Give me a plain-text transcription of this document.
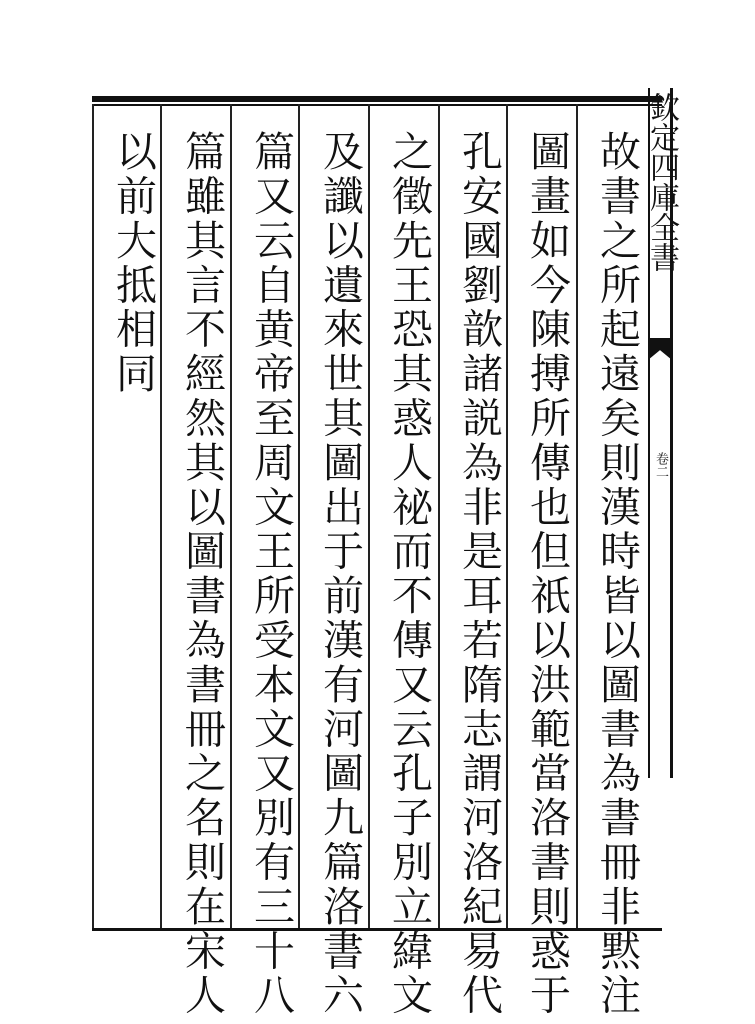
故書之所起遠矣則漢時皆以圖書為書冊非黙注
圖畫如今陳搏所傳也但祇以洪範當洛書則惑于
孔安國劉歆諸説為非是耳若隋志謂河洛紀易代
之徵先王恐其惑人祕而不傳又云孔子別立緯文
及讖以遺來世其圖出于前漢有河圖九篇洛書六
篇又云自黄帝至周文王所受本文又別有三十八
篇雖其言不經然其以圖書為書冊之名則在宋人
以前大抵相同	欽定四庫全書
卷二
